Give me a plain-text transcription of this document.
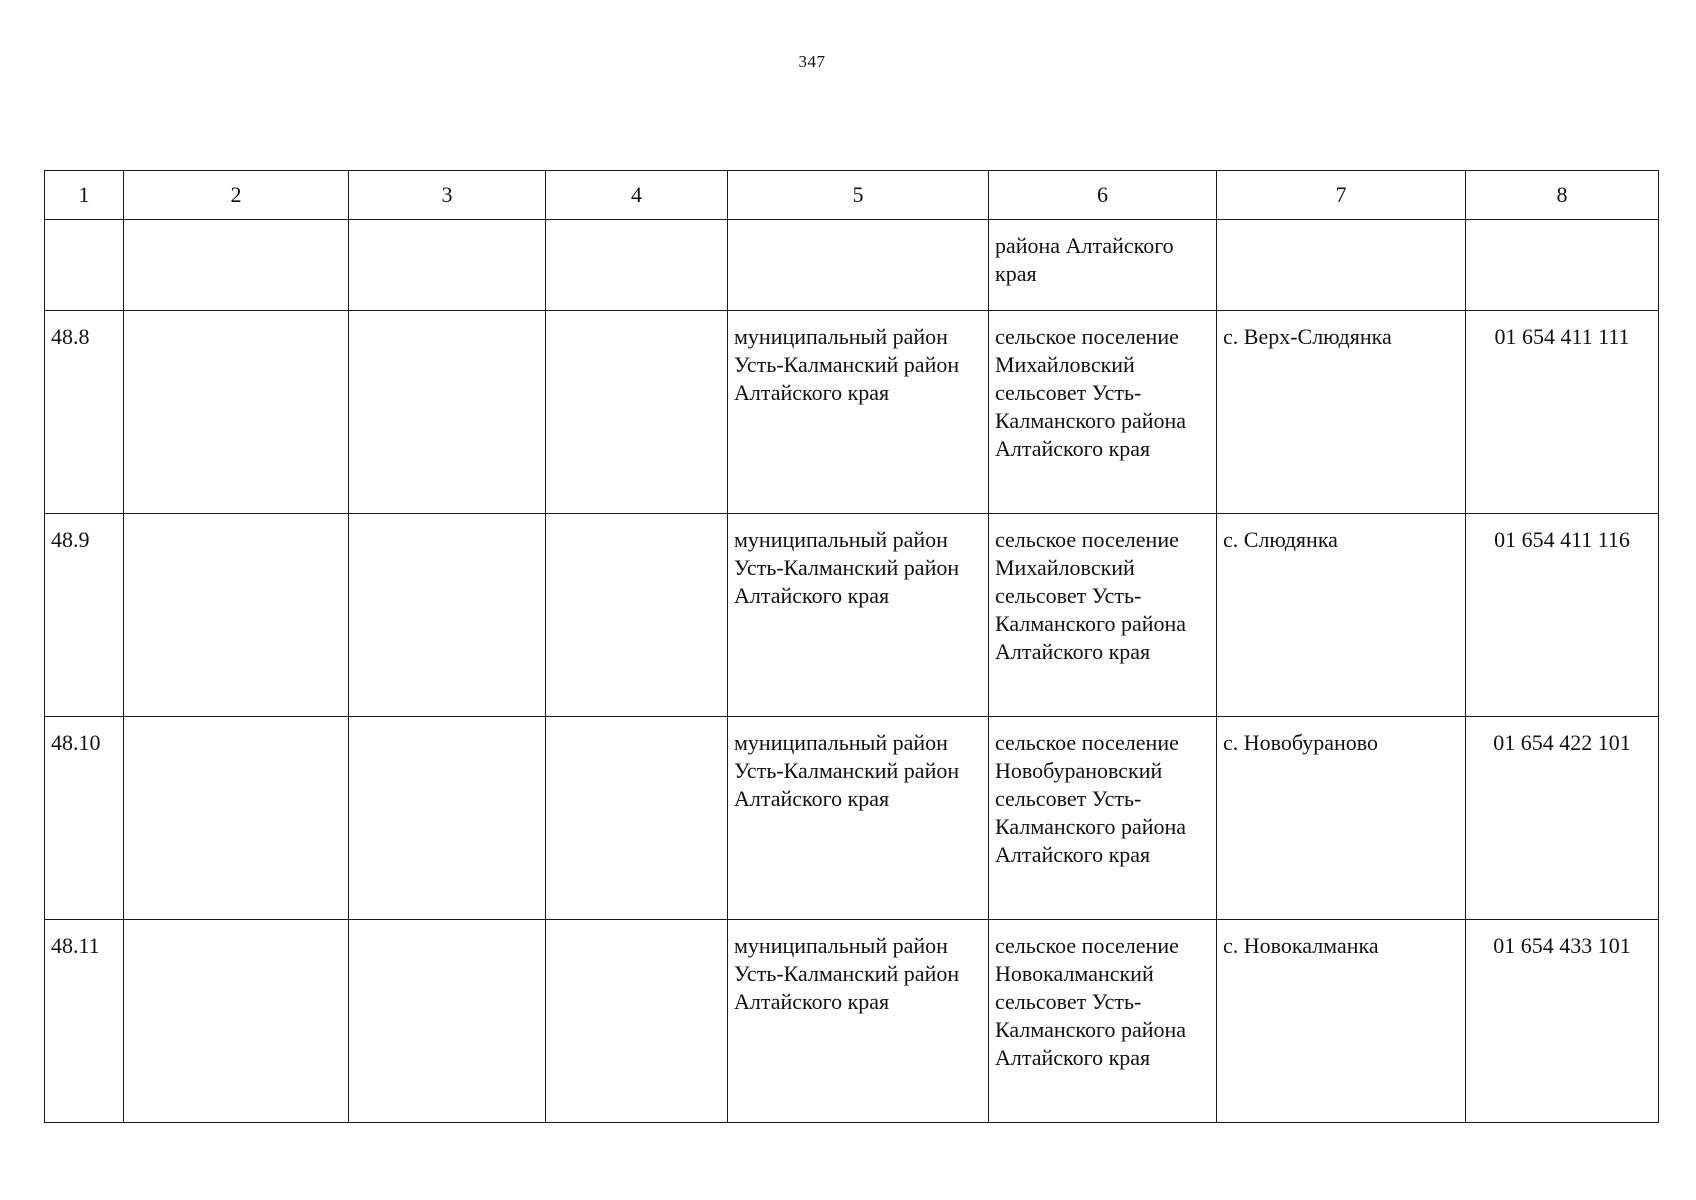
347
1	2	3	4	5	6	7	8
					района Алтайского края		
48.8				муниципальный район Усть-Калманский район Алтайского края	сельское поселение Михайловский сельсовет Усть-Калманского района Алтайского края	с. Верх-Слюдянка	01 654 411 111
48.9				муниципальный район Усть-Калманский район Алтайского края	сельское поселение Михайловский сельсовет Усть-Калманского района Алтайского края	с. Слюдянка	01 654 411 116
48.10				муниципальный район Усть-Калманский район Алтайского края	сельское поселение Новобурановский сельсовет Усть-Калманского района Алтайского края	с. Новобураново	01 654 422 101
48.11				муниципальный район Усть-Калманский район Алтайского края	сельское поселение Новокалманский сельсовет Усть-Калманского района Алтайского края	с. Новокалманка	01 654 433 101
